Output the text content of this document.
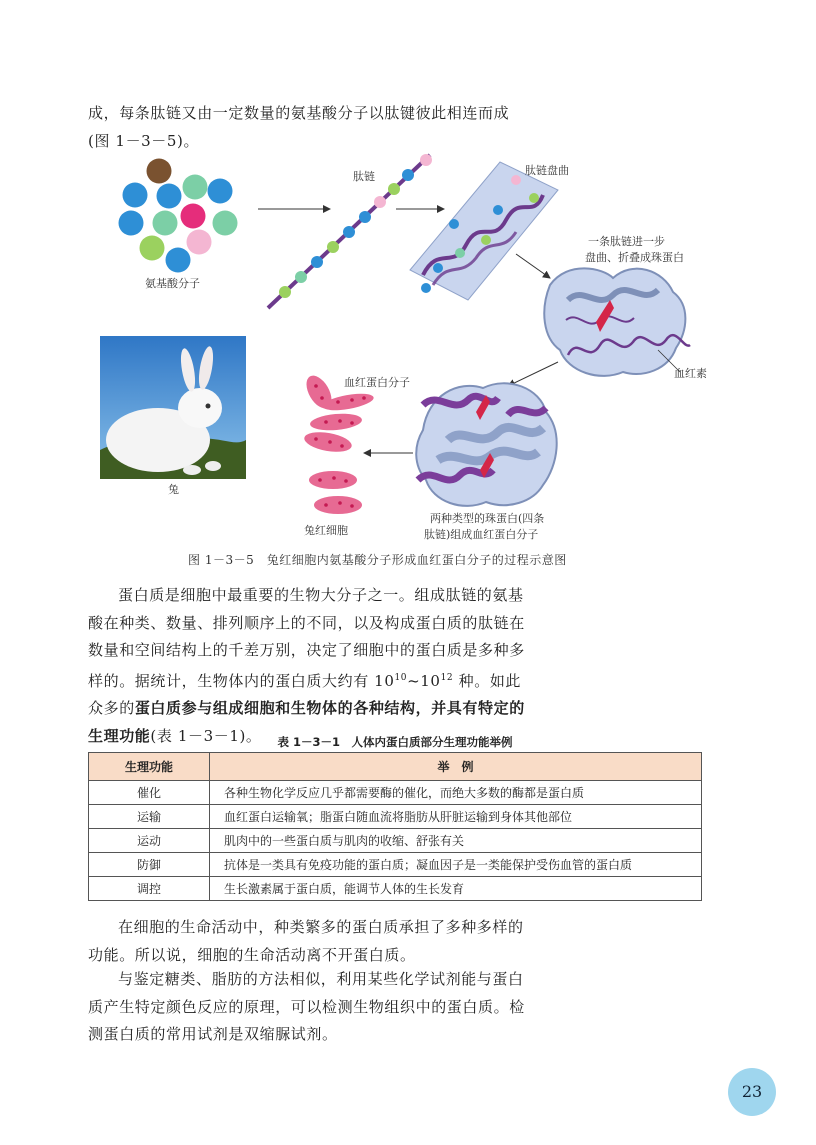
成，每条肽链又由一定数量的氨基酸分子以肽键彼此相连而成(图 1－3－5)。

肽链	肽链盘曲
氨基酸分子
一条肽链进一步
盘曲、折叠成珠蛋白
血红素
血红蛋白分子
兔
兔红细胞
两种类型的珠蛋白(四条
肽链)组成血红蛋白分子
图 1－3－5　兔红细胞内氨基酸分子形成血红蛋白分子的过程示意图

蛋白质是细胞中最重要的生物大分子之一。组成肽链的氨基酸在种类、数量、排列顺序上的不同，以及构成蛋白质的肽链在数量和空间结构上的千差万别，决定了细胞中的蛋白质是多种多样的。据统计，生物体内的蛋白质大约有 $10^{10}\sim 10^{12}$ 种。如此众多的蛋白质参与组成细胞和生物体的各种结构，并具有特定的生理功能(表 1－3－1)。	表 1－3－1　人体内蛋白质部分生理功能举例
生理功能	举　例
催化	各种生物化学反应几乎都需要酶的催化，而绝大多数的酶都是蛋白质
运输	血红蛋白运输氧；脂蛋白随血流将脂肪从肝脏运输到身体其他部位
运动	肌肉中的一些蛋白质与肌肉的收缩、舒张有关
防御	抗体是一类具有免疫功能的蛋白质；凝血因子是一类能保护受伤血管的蛋白质
调控	生长激素属于蛋白质，能调节人体的生长发育

在细胞的生命活动中，种类繁多的蛋白质承担了多种多样的功能。所以说，细胞的生命活动离不开蛋白质。

与鉴定糖类、脂肪的方法相似，利用某些化学试剂能与蛋白质产生特定颜色反应的原理，可以检测生物组织中的蛋白质。检测蛋白质的常用试剂是双缩脲试剂。

23
